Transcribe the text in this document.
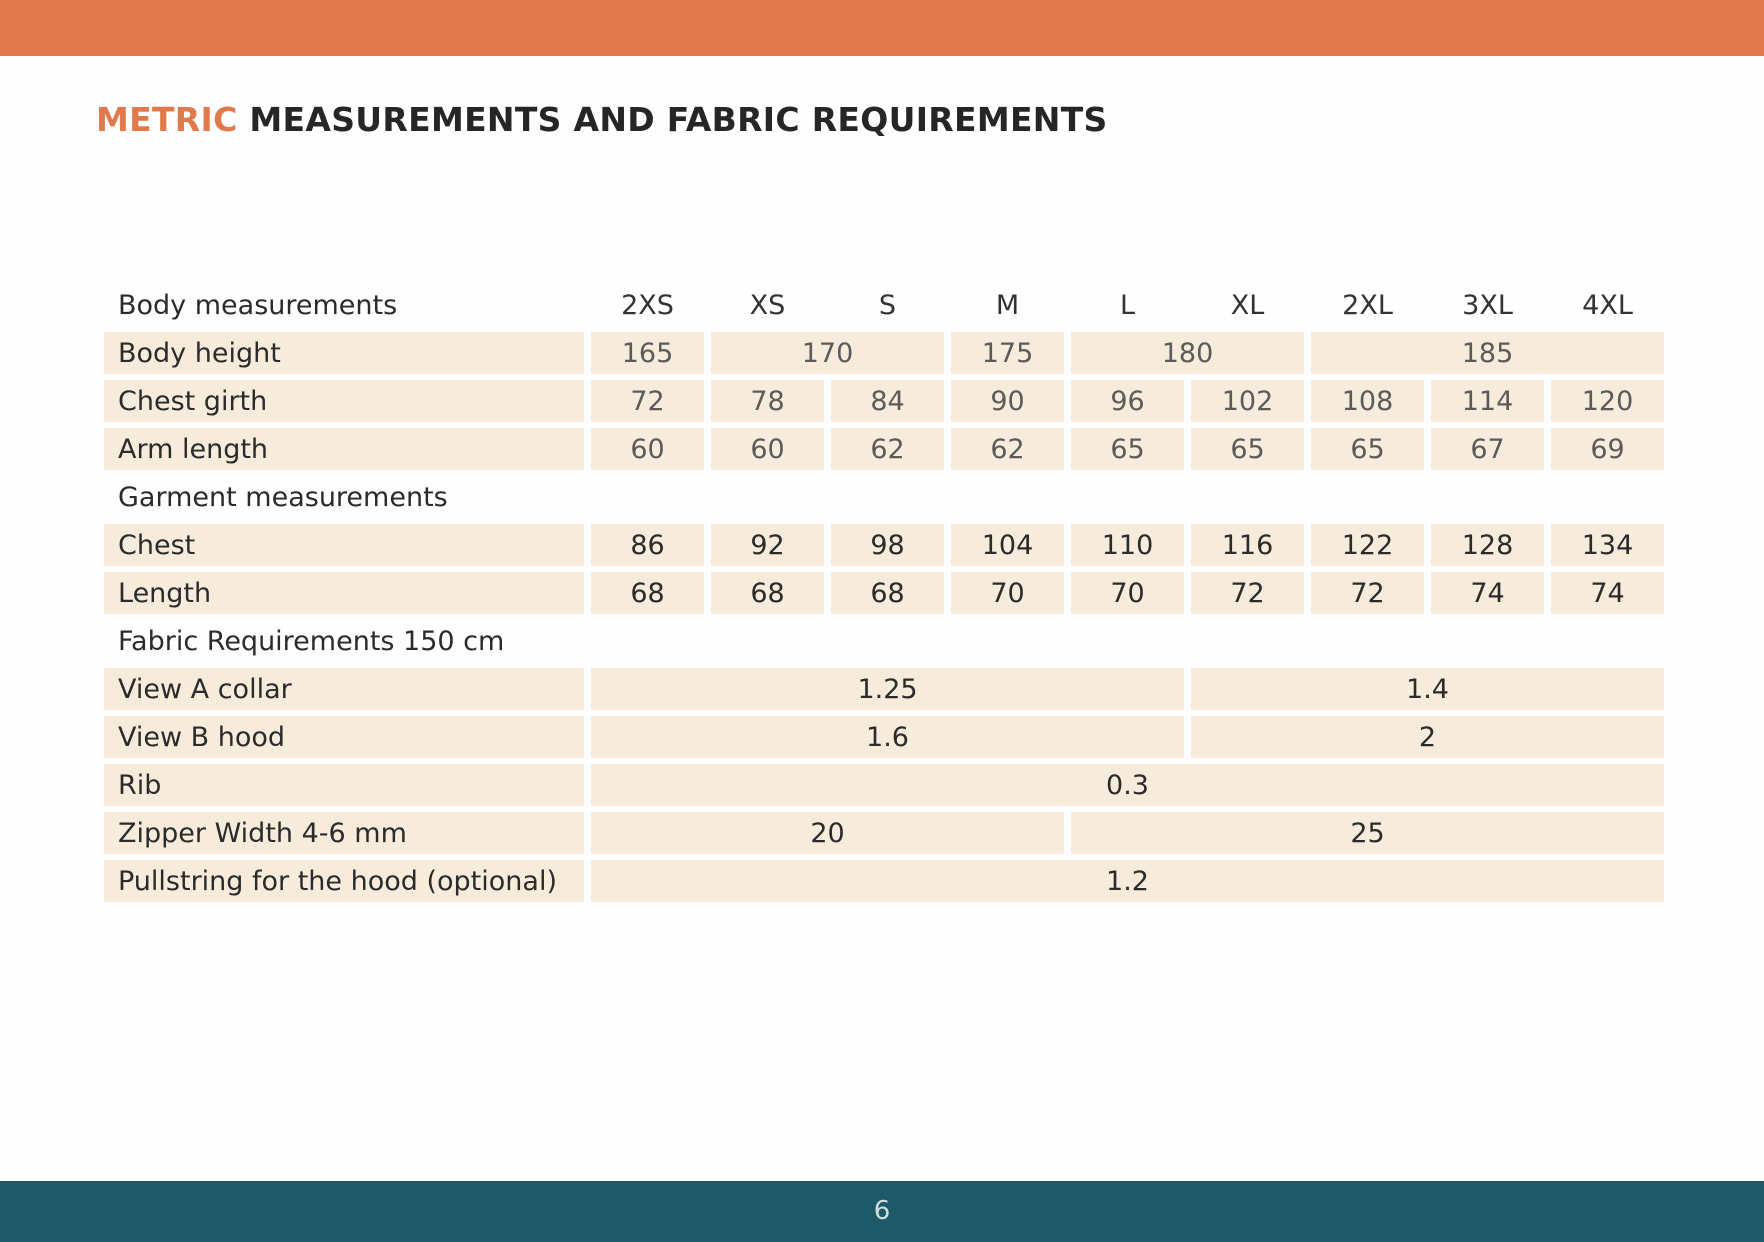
METRIC MEASUREMENTS AND FABRIC REQUIREMENTS
Body measurements	2XS	XS	S	M	L	XL	2XL	3XL	4XL
Body height	165	170		175	180		185		
Chest girth	72	78	84	90	96	102	108	114	120
Arm length	60	60	62	62	65	65	65	67	69
Garment measurements									
Chest	86	92	98	104	110	116	122	128	134
Length	68	68	68	70	70	72	72	74	74
Fabric Requirements 150 cm									
View A collar	1.25					1.4			
View B hood	1.6					2			
Rib	0.3								
Zipper Width 4-6 mm	20				25				
Pullstring for the hood (optional)	1.2								
6
